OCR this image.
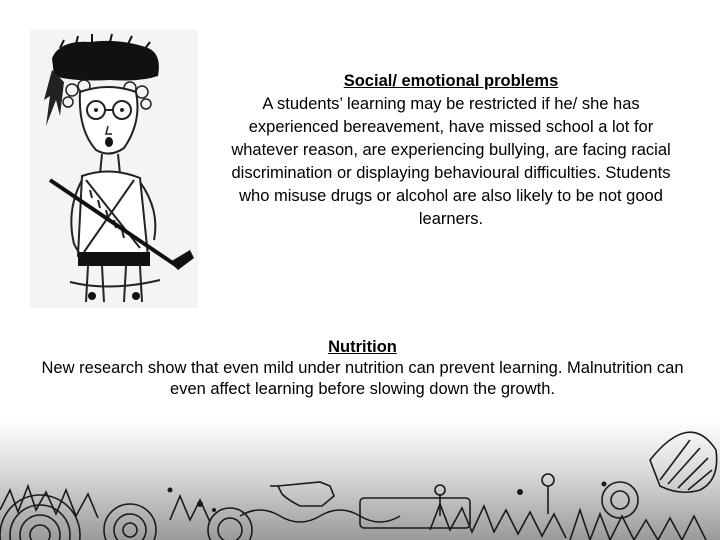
Social/ emotional problems
A students’ learning may be restricted if he/ she has experienced bereavement, have missed school a lot for whatever reason, are experiencing bullying, are facing racial discrimination or displaying behavioural difficulties. Students who misuse drugs or alcohol are also likely to be not good learners.
Nutrition
New research show that even mild under nutrition can prevent learning. Malnutrition can even affect learning before slowing down the growth.
